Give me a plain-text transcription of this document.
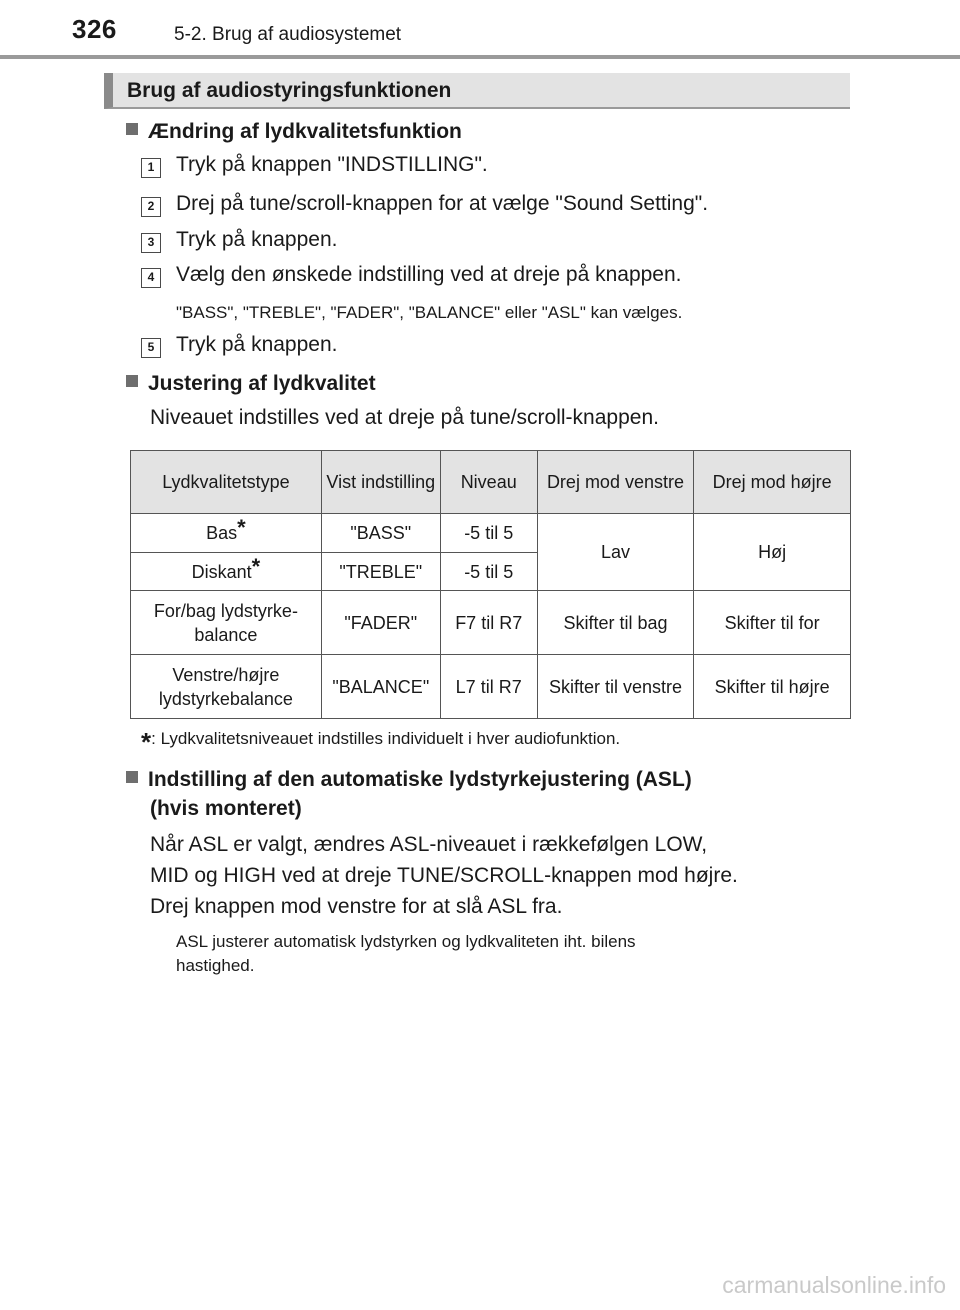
326	5-2. Brug af audiosystemet
Brug af audiostyringsfunktionen
Ændring af lydkvalitetsfunktion
1	Tryk på knappen "INDSTILLING".
2	Drej på tune/scroll-knappen for at vælge "Sound Setting".
3	Tryk på knappen.
4	Vælg den ønskede indstilling ved at dreje på knappen.
"BASS", "TREBLE", "FADER", "BALANCE" eller "ASL" kan vælges.
5	Tryk på knappen.
Justering af lydkvalitet
Niveauet indstilles ved at dreje på tune/scroll-knappen.
Lydkvalitetstype	Vist indstilling	Niveau	Drej mod venstre	Drej mod højre
Bas*	"BASS"	-5 til 5	Lav	Høj
Diskant*	"TREBLE"	-5 til 5		
For/bag lydstyrke-balance	"FADER"	F7 til R7	Skifter til bag	Skifter til for
Venstre/højre lydstyrkebalance	"BALANCE"	L7 til R7	Skifter til venstre	Skifter til højre
*: Lydkvalitetsniveauet indstilles individuelt i hver audiofunktion.
Indstilling af den automatiske lydstyrkejustering (ASL)
(hvis monteret)
Når ASL er valgt, ændres ASL-niveauet i rækkefølgen LOW,
MID og HIGH ved at dreje TUNE/SCROLL-knappen mod højre.
Drej knappen mod venstre for at slå ASL fra.
ASL justerer automatisk lydstyrken og lydkvaliteten iht. bilens
hastighed.
carmanualsonline.info
